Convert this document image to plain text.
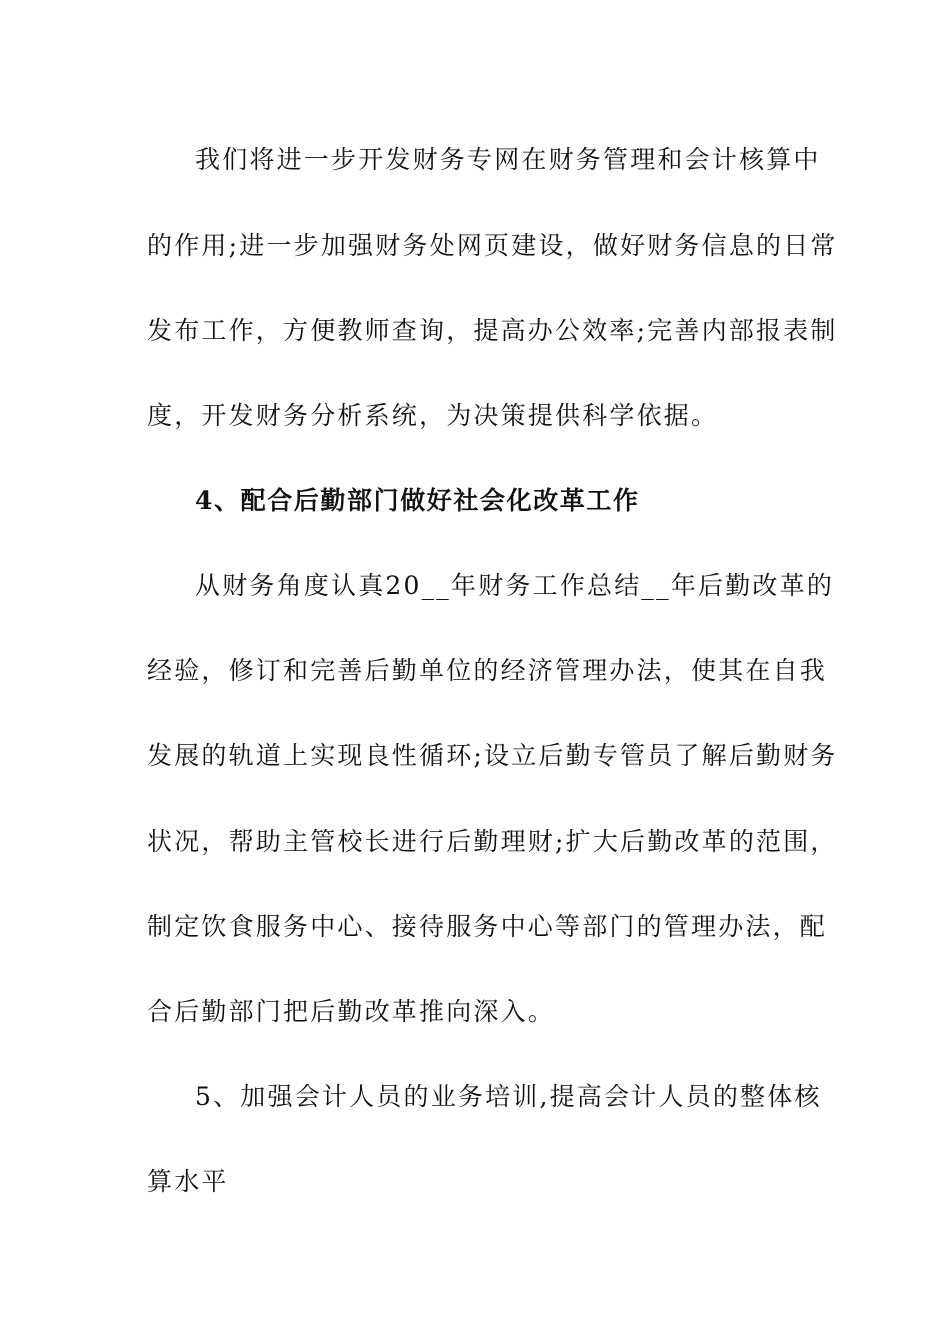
我们将进一步开发财务专网在财务管理和会计核算中
的作用;进一步加强财务处网页建设，做好财务信息的日常
发布工作，方便教师查询，提高办公效率;完善内部报表制
度，开发财务分析系统，为决策提供科学依据。
4、配合后勤部门做好社会化改革工作
从财务角度认真20__年财务工作总结__年后勤改革的
经验，修订和完善后勤单位的经济管理办法，使其在自我
发展的轨道上实现良性循环;设立后勤专管员了解后勤财务
状况，帮助主管校长进行后勤理财;扩大后勤改革的范围，
制定饮食服务中心、接待服务中心等部门的管理办法，配
合后勤部门把后勤改革推向深入。
5、加强会计人员的业务培训,提高会计人员的整体核
算水平
